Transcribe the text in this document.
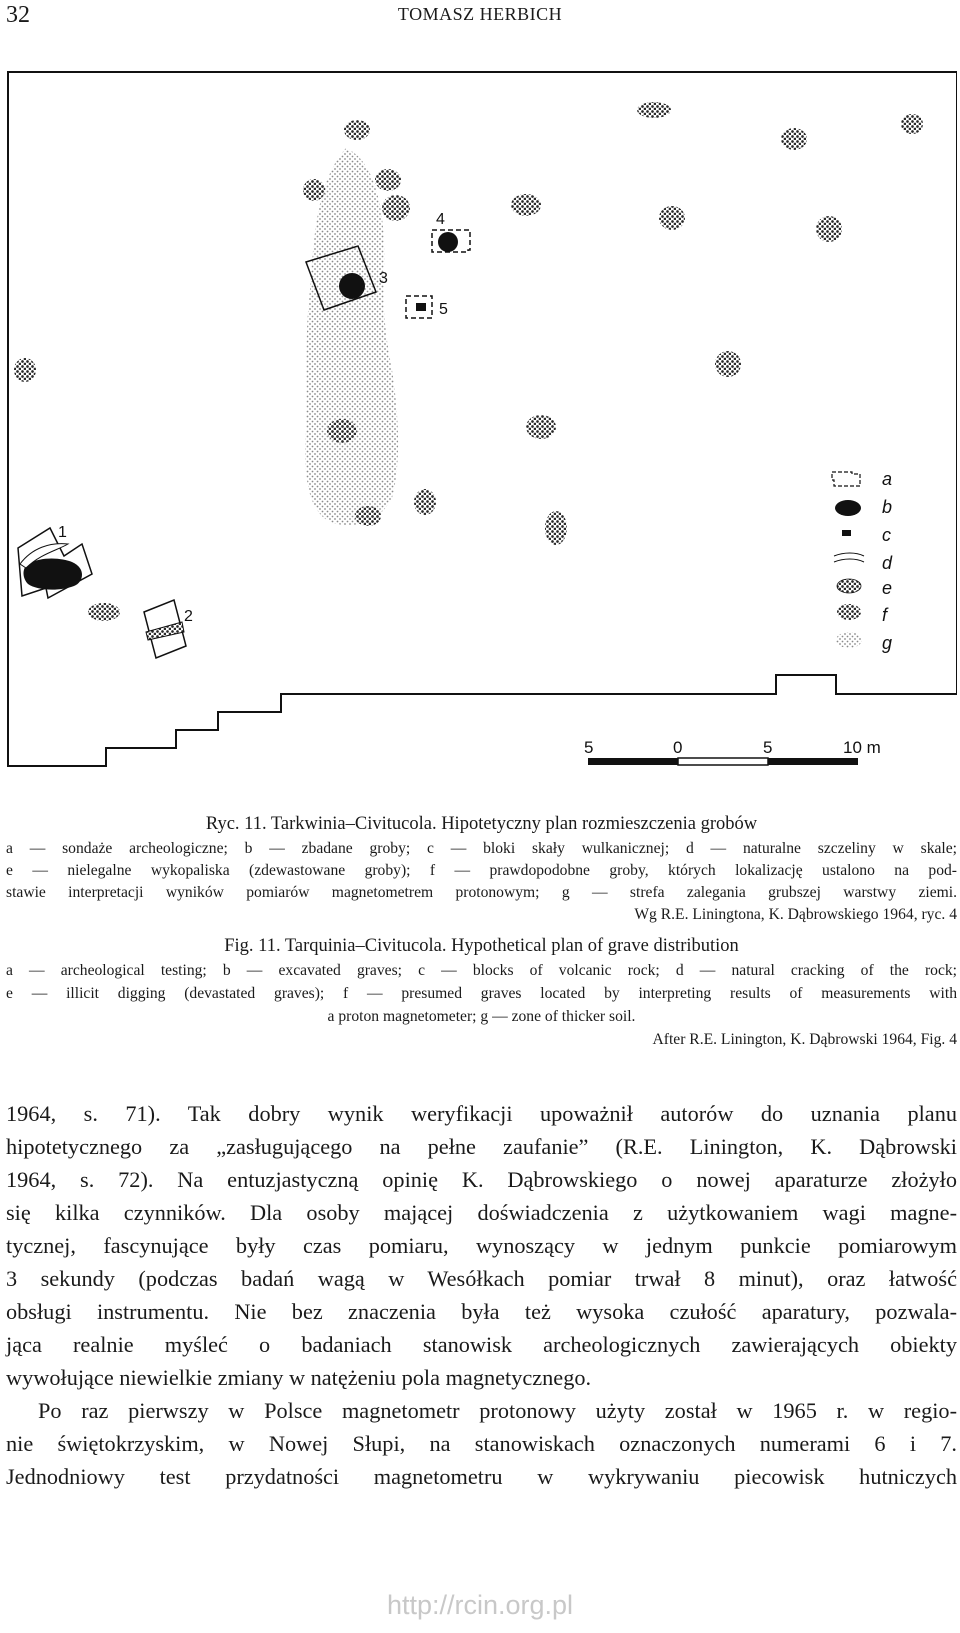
32	TOMASZ HERBICH
1
2
3
4
5
a
b
c
d
e
f
g
5	0	5	10 m
Ryc. 11. Tarkwinia–Civitucola. Hipotetyczny plan rozmieszczenia grobów
a — sondaże archeologiczne; b — zbadane groby; c — bloki skały wulkanicznej; d — naturalne szczeliny w skale;
e — nielegalne wykopaliska (zdewastowane groby); f — prawdopodobne groby, których lokalizację ustalono na pod-
stawie interpretacji wyników pomiarów magnetometrem protonowym; g — strefa zalegania grubszej warstwy ziemi.
Wg R.E. Liningtona, K. Dąbrowskiego 1964, ryc. 4
Fig. 11. Tarquinia–Civitucola. Hypothetical plan of grave distribution
a — archeological testing; b — excavated graves; c — blocks of volcanic rock; d — natural cracking of the rock;
e — illicit digging (devastated graves); f — presumed graves located by interpreting results of measurements with
a proton magnetometer; g — zone of thicker soil.
After R.E. Linington, K. Dąbrowski 1964, Fig. 4
1964, s. 71). Tak dobry wynik weryfikacji upoważnił autorów do uznania planu
hipotetycznego za „zasługującego na pełne zaufanie” (R.E. Linington, K. Dąbrowski
1964, s. 72). Na entuzjastyczną opinię K. Dąbrowskiego o nowej aparaturze złożyło
się kilka czynników. Dla osoby mającej doświadczenia z użytkowaniem wagi magne-
tycznej, fascynujące były czas pomiaru, wynoszący w jednym punkcie pomiarowym
3 sekundy (podczas badań wagą w Wesółkach pomiar trwał 8 minut), oraz łatwość
obsługi instrumentu. Nie bez znaczenia była też wysoka czułość aparatury, pozwala-
jąca realnie myśleć o badaniach stanowisk archeologicznych zawierających obiekty
wywołujące niewielkie zmiany w natężeniu pola magnetycznego.
Po raz pierwszy w Polsce magnetometr protonowy użyty został w 1965 r. w regio-
nie świętokrzyskim, w Nowej Słupi, na stanowiskach oznaczonych numerami 6 i 7.
Jednodniowy test przydatności magnetometru w wykrywaniu piecowisk hutniczych
http://rcin.org.pl
